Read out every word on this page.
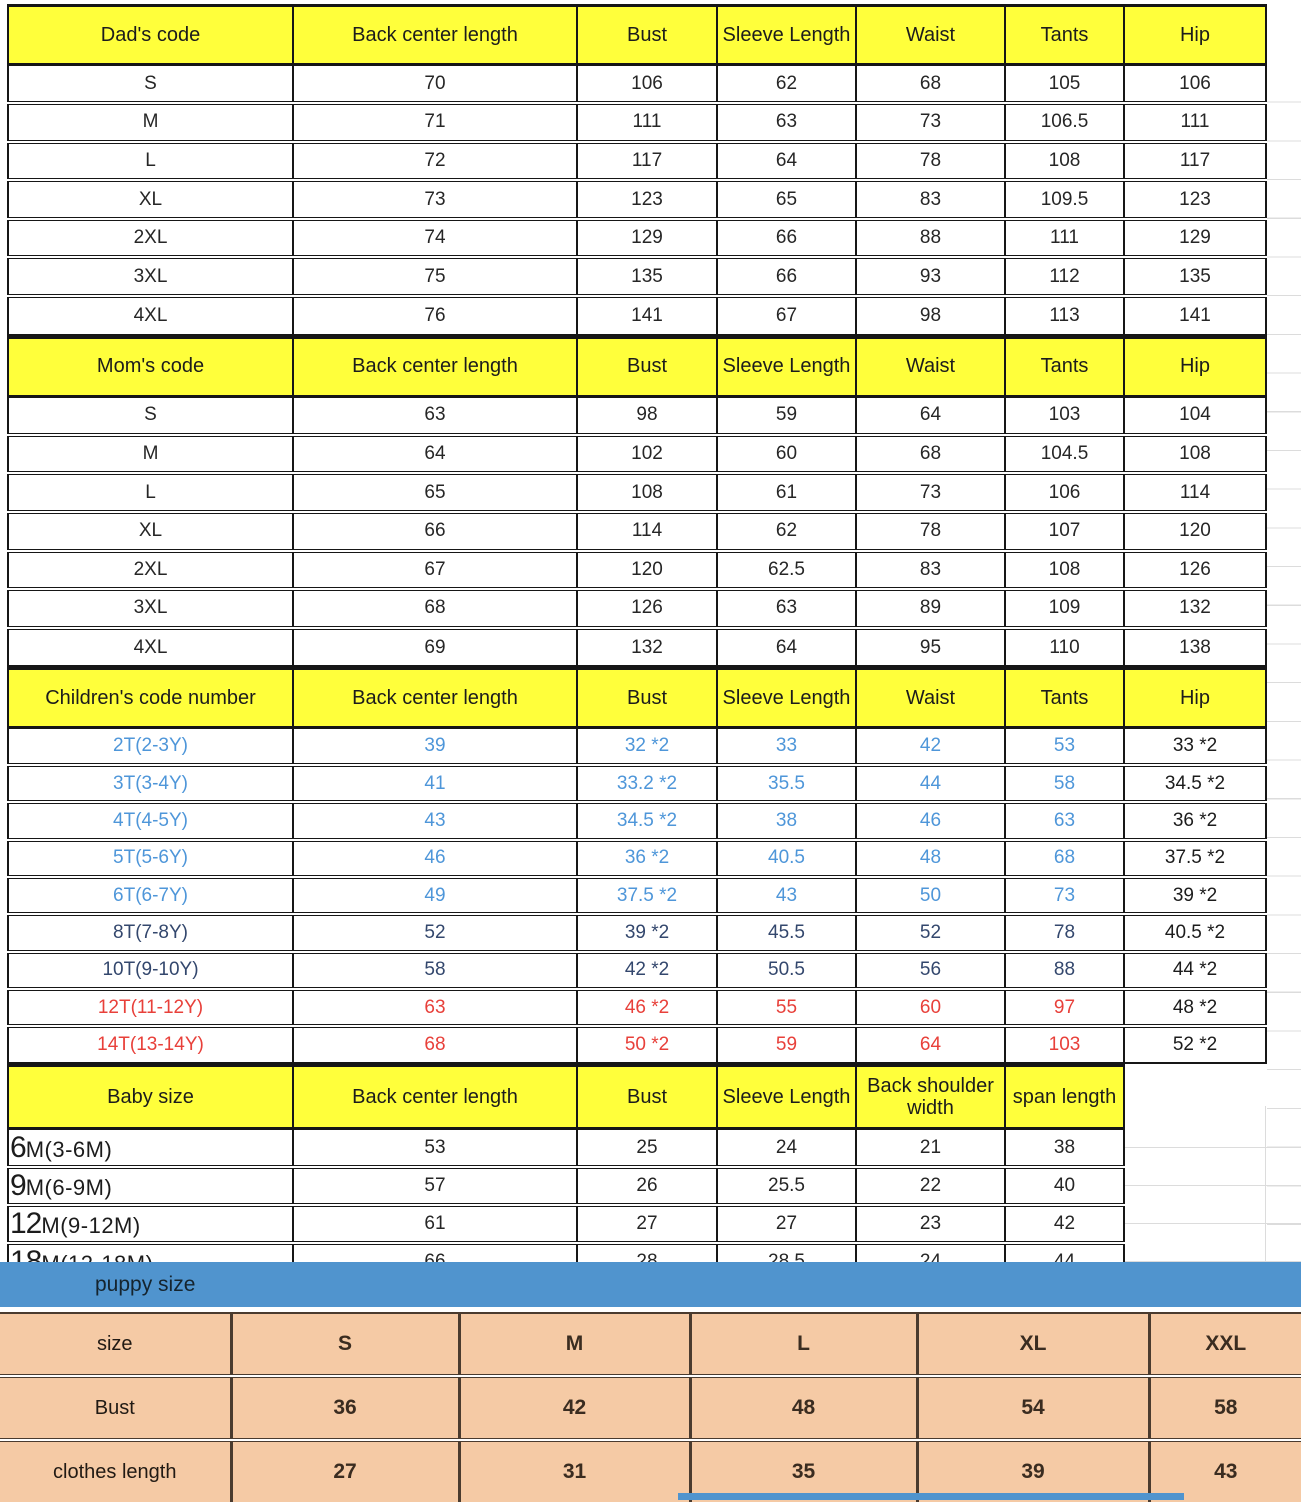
Dad's code	Back center length	Bust	Sleeve Length	Waist	Tants	Hip
S	70	106	62	68	105	106
M	71	111	63	73	106.5	111
L	72	117	64	78	108	117
XL	73	123	65	83	109.5	123
2XL	74	129	66	88	111	129
3XL	75	135	66	93	112	135
4XL	76	141	67	98	113	141
Mom's code	Back center length	Bust	Sleeve Length	Waist	Tants	Hip
S	63	98	59	64	103	104
M	64	102	60	68	104.5	108
L	65	108	61	73	106	114
XL	66	114	62	78	107	120
2XL	67	120	62.5	83	108	126
3XL	68	126	63	89	109	132
4XL	69	132	64	95	110	138
Children's code number	Back center length	Bust	Sleeve Length	Waist	Tants	Hip
2T(2-3Y)	39	32 *2	33	42	53	33 *2
3T(3-4Y)	41	33.2 *2	35.5	44	58	34.5 *2
4T(4-5Y)	43	34.5 *2	38	46	63	36 *2
5T(5-6Y)	46	36 *2	40.5	48	68	37.5 *2
6T(6-7Y)	49	37.5 *2	43	50	73	39 *2
8T(7-8Y)	52	39 *2	45.5	52	78	40.5 *2
10T(9-10Y)	58	42 *2	50.5	56	88	44 *2
12T(11-12Y)	63	46 *2	55	60	97	48 *2
14T(13-14Y)	68	50 *2	59	64	103	52 *2
Baby size	Back center length	Bust	Sleeve Length	Back shoulder width	span length
6M(3-6M)	53	25	24	21	38
9M(6-9M)	57	26	25.5	22	40
12M(9-12M)	61	27	27	23	42

puppy size
size	S	M	L	XL	XXL
Bust	36	42	48	54	58
clothes length	27	31	35	39	43
